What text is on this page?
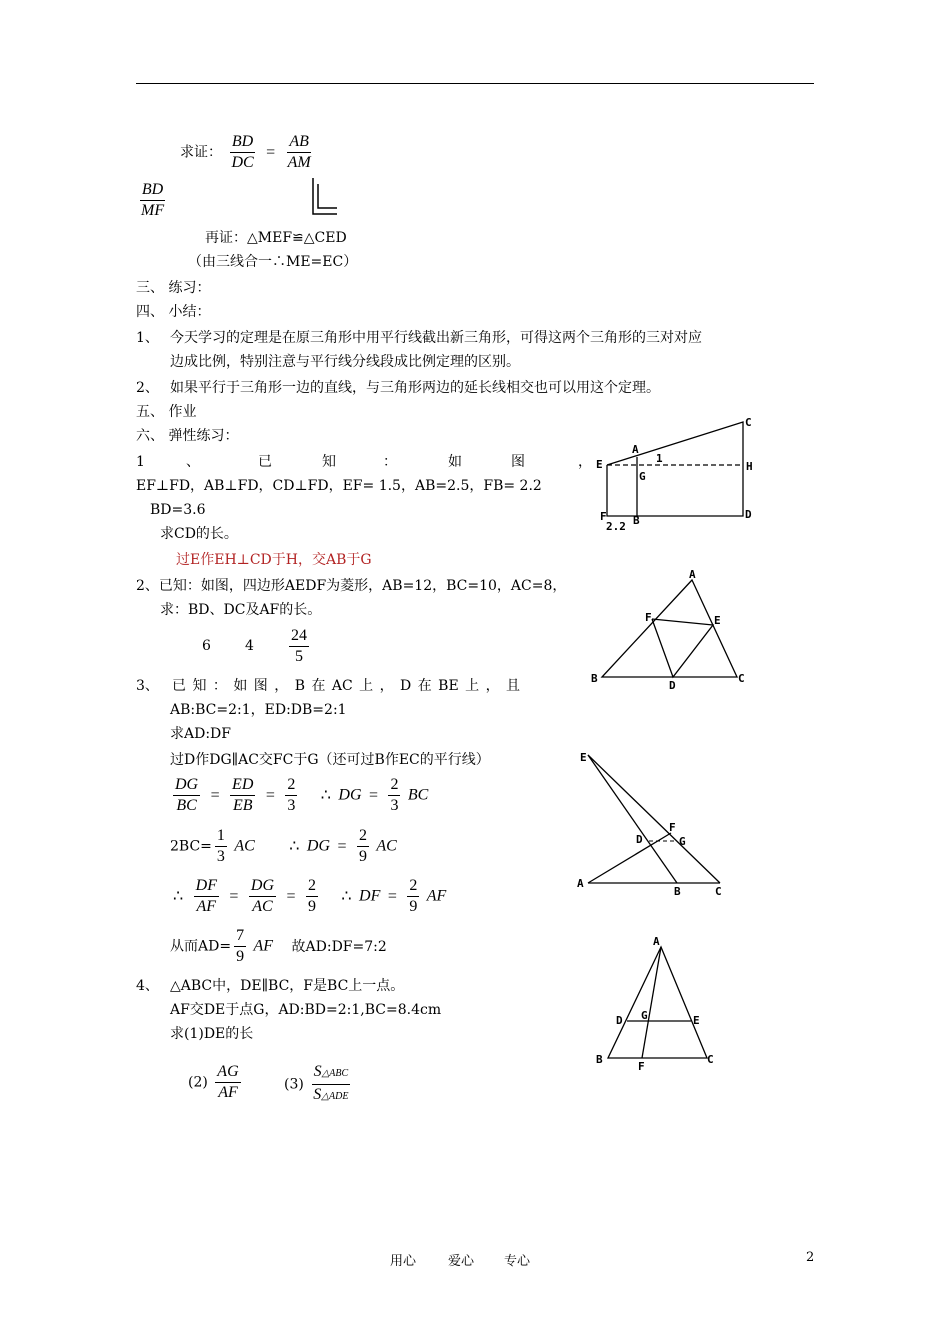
求证： $\frac{BD}{DC} = \frac{AB}{AM}$
$\frac{BD}{MF}$
再证：△MEF≌△CED
（由三线合一∴ME=EC）
三、 练习：
四、 小结：
1、 今天学习的定理是在原三角形中用平行线截出新三角形，可得这两个三角形的三对对应
边成比例，特别注意与平行线分线段成比例定理的区别。
2、 如果平行于三角形一边的直线，与三角形两边的延长线相交也可以用这个定理。
五、 作业
六、 弹性练习：
1	、	已	知	：	如	图	，
EF⊥FD，AB⊥FD，CD⊥FD，EF= 1.5，AB=2.5，FB= 2.2
BD=3.6
求CD的长。
过E作EH⊥CD于H，交AB于G
A
C
E
G
H
1
F B	D
2.2
2、已知：如图，四边形AEDF为菱形，AB=12，BC=10，AC=8，
求：BD、DC及AF的长。
6 $4 \frac{24}{5}$
A
F	E
B
D
C
3、 已 知 ： 如 图 ， B 在 AC 上 ， D 在 BE 上 ， 且
AB:BC=2:1，ED:DB=2:1
求AD:DF
过D作DG∥AC交FC于G（还可过B作EC的平行线）
$\frac{DG}{BC} = \frac{ED}{EB} = \frac{2}{3}$ ∴ DG = $\frac{2}{3}$ BC
$2BC= \frac{1}{3}$ AC ∴ DG = $\frac{2}{9}$ AC
∴ $\frac{DF}{AF} = \frac{DG}{AC} = \frac{2}{9}$ ∴ DF = $\frac{2}{9}$ AF
从而$AD= \frac{7}{9}$ AF 故AD:DF=7:2
E
F
D	G
A
B	C
4、 △ABC中，DE∥BC，F是BC上一点。
AF交DE于点G，AD:BD=2:1,BC=8.4cm
求(1)DE的长
$(2) \frac{AG}{AF}$	$(3) \frac{\text{S△ABC}}{\text{S△ADE}}$
A
D G	E
B
F
C
用心 爱心 专心	2
